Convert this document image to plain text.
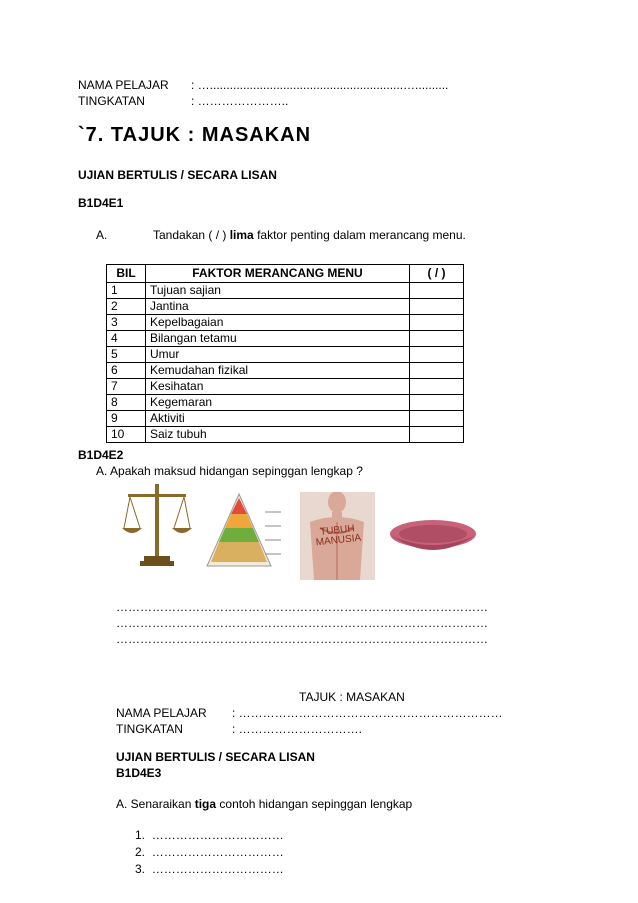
NAMA PELAJAR : …..........................................................…..........
TINGKATAN	: …………………..
`7. TAJUK : MASAKAN
UJIAN BERTULIS / SECARA LISAN
B1D4E1
A.	Tandakan ( / ) lima faktor penting dalam merancang menu.
BIL	FAKTOR MERANCANG MENU	( / )
1	Tujuan sajian	
2	Jantina	
3	Kepelbagaian	
4	Bilangan tetamu	
5	Umur	
6	Kemudahan fizikal	
7	Kesihatan	
8	Kegemaran	
9	Aktiviti	
10	Saiz tubuh	
B1D4E2
A. Apakah maksud hidangan sepinggan lengkap ?
TUBUH MANUSIA
…………………………………………………………………………………
…………………………………………………………………………………
…………………………………………………………………………………
TAJUK : MASAKAN
NAMA PELAJAR : …………………………………………………………
TINGKATAN	: ………………………….
UJIAN BERTULIS / SECARA LISAN
B1D4E3
A. Senaraikan tiga contoh hidangan sepinggan lengkap
1. ……………………………
2. ……………………………
3. ……………………………
